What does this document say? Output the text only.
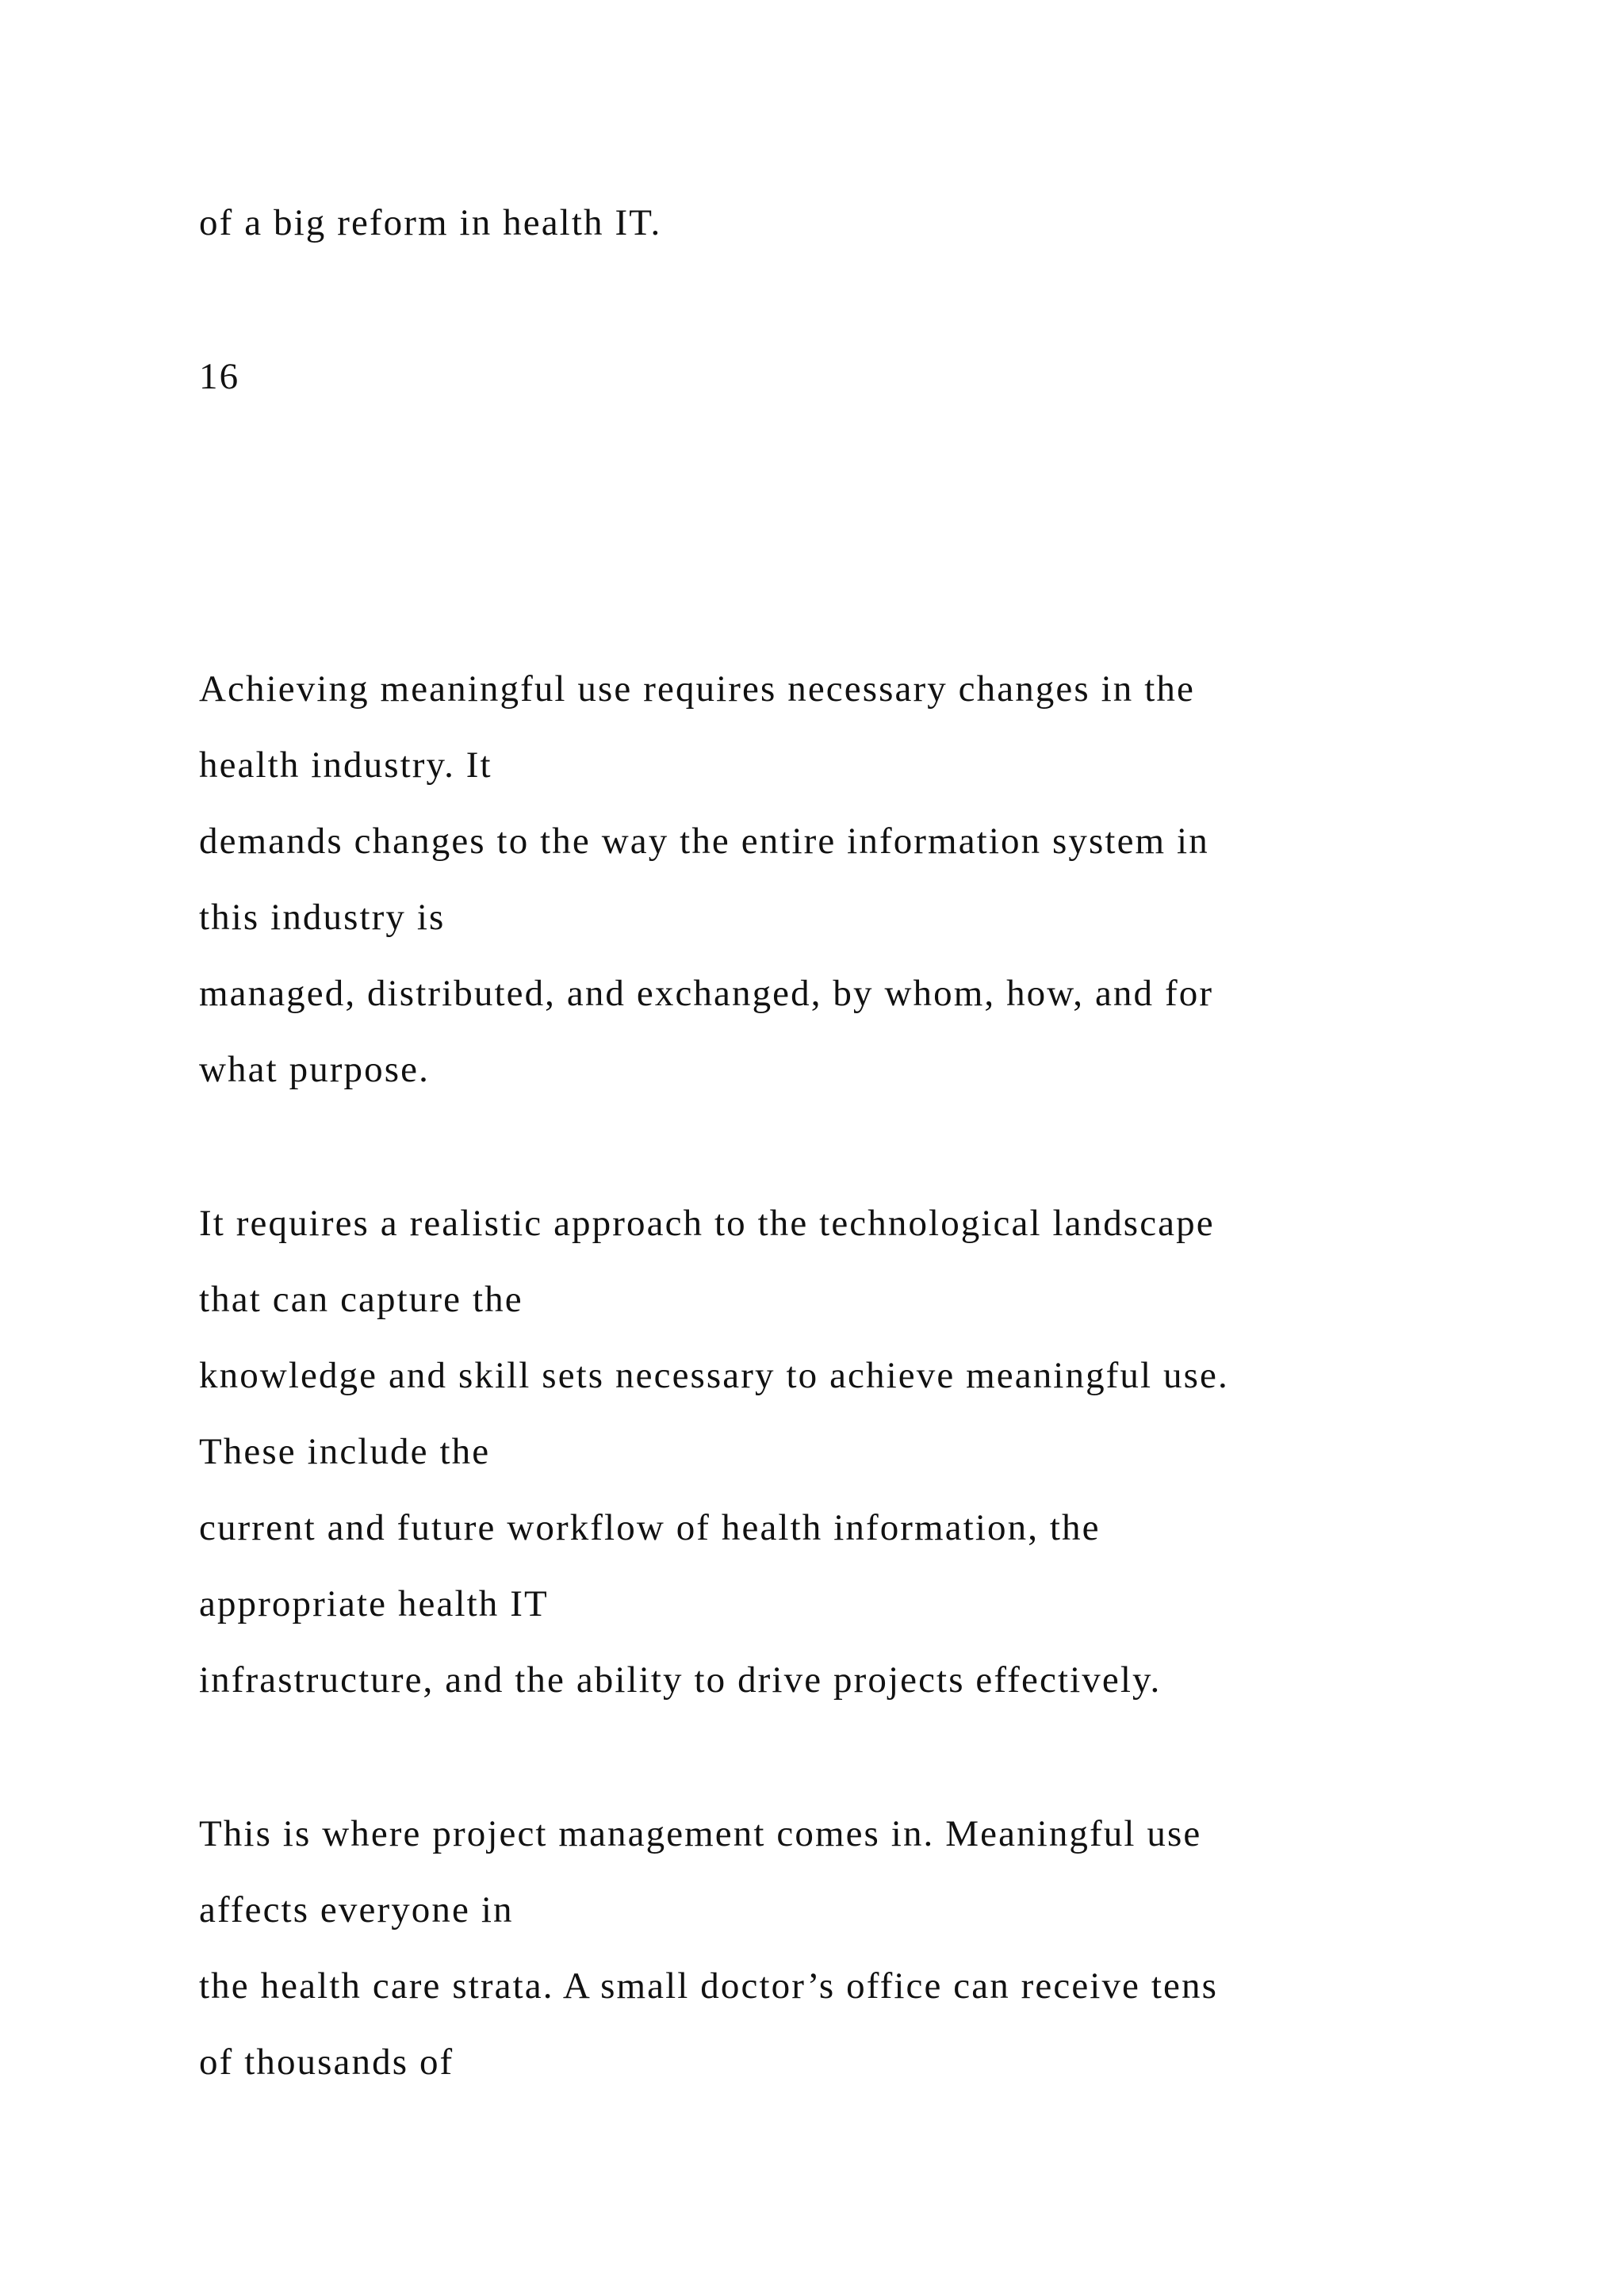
of a big reform in health IT.

16

Achieving meaningful use requires necessary changes in the

health industry. It

demands changes to the way the entire information system in

this industry is

managed, distributed, and exchanged, by whom, how, and for

what purpose.

It requires a realistic approach to the technological landscape

that can capture the

knowledge and skill sets necessary to achieve meaningful use.

These include the

current and future workflow of health information, the

appropriate health IT

infrastructure, and the ability to drive projects effectively.

This is where project management comes in. Meaningful use

affects everyone in

the health care strata. A small doctor’s office can receive tens

of thousands of
